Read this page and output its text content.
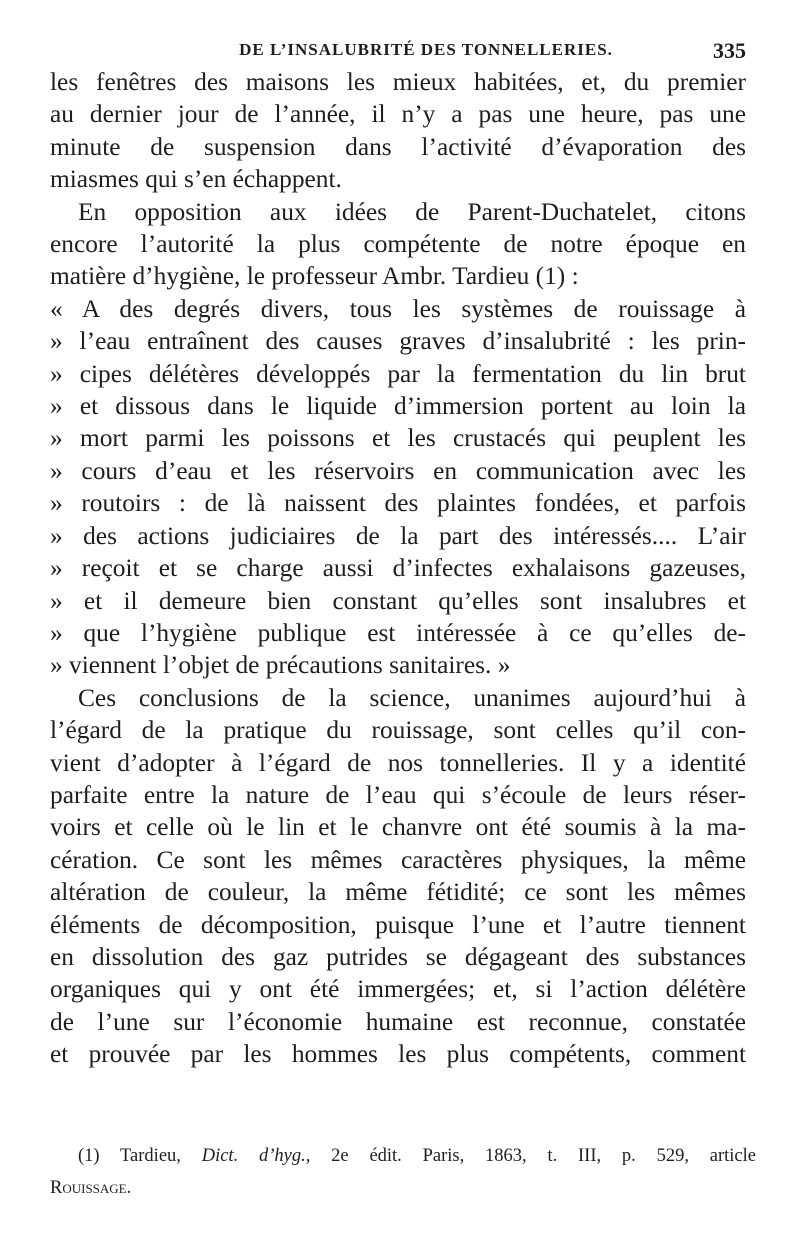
DE L’INSALUBRITÉ DES TONNELLERIES.	335

les fenêtres des maisons les mieux habitées, et, du premier
au dernier jour de l’année, il n’y a pas une heure, pas une
minute de suspension dans l’activité d’évaporation des
miasmes qui s’en échappent.

En opposition aux idées de Parent-Duchatelet, citons
encore l’autorité la plus compétente de notre époque en
matière d’hygiène, le professeur Ambr. Tardieu (1) :

« A des degrés divers, tous les systèmes de rouissage à
» l’eau entraînent des causes graves d’insalubrité : les prin-
» cipes délétères développés par la fermentation du lin brut
» et dissous dans le liquide d’immersion portent au loin la
» mort parmi les poissons et les crustacés qui peuplent les
» cours d’eau et les réservoirs en communication avec les
» routoirs : de là naissent des plaintes fondées, et parfois
» des actions judiciaires de la part des intéressés.... L’air
» reçoit et se charge aussi d’infectes exhalaisons gazeuses,
» et il demeure bien constant qu’elles sont insalubres et
» que l’hygiène publique est intéressée à ce qu’elles de-
» viennent l’objet de précautions sanitaires. »

Ces conclusions de la science, unanimes aujourd’hui à
l’égard de la pratique du rouissage, sont celles qu’il con-
vient d’adopter à l’égard de nos tonnelleries. Il y a identité
parfaite entre la nature de l’eau qui s’écoule de leurs réser-
voirs et celle où le lin et le chanvre ont été soumis à la ma-
cération. Ce sont les mêmes caractères physiques, la même
altération de couleur, la même fétidité; ce sont les mêmes
éléments de décomposition, puisque l’une et l’autre tiennent
en dissolution des gaz putrides se dégageant des substances
organiques qui y ont été immergées; et, si l’action délétère
de l’une sur l’économie humaine est reconnue, constatée
et prouvée par les hommes les plus compétents, comment

(1) Tardieu, Dict. d’hyg., 2e édit. Paris, 1863, t. III, p. 529, article
Rouissage.
